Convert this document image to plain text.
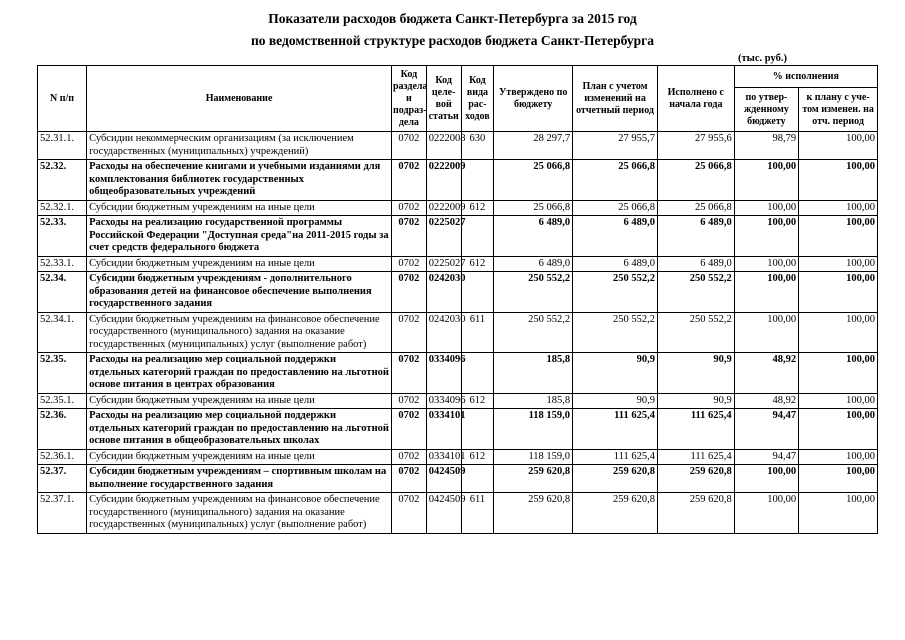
Показатели расходов бюджета Санкт-Петербурга за 2015 год
по ведомственной структуре расходов бюджета Санкт-Петербурга
(тыс. руб.)
N п/п	Наименование	Код раздела и подраз-дела	Код целе-вой статьи	Код вида рас-ходов	Утверждено по бюджету	План с учетом изменений на отчетный период	Исполнено с начала года	% исполнения	
								по утвер-жденному бюджету	к плану с уче-том изменен. на отч. период
52.31.1.	Субсидии некоммерческим организациям (за исключением государственных (муниципальных) учреждений)	0702	0222008	630	28 297,7	27 955,7	27 955,6	98,79	100,00
52.32.	Расходы на обеспечение книгами и учебными изданиями для комплектования библиотек государственных общеобразовательных учреждений	0702	0222009		25 066,8	25 066,8	25 066,8	100,00	100,00
52.32.1.	Субсидии бюджетным учреждениям на иные цели	0702	0222009	612	25 066,8	25 066,8	25 066,8	100,00	100,00
52.33.	Расходы на реализацию государственной программы Российской Федерации "Доступная среда"на 2011-2015 годы за счет средств федерального бюджета	0702	0225027		6 489,0	6 489,0	6 489,0	100,00	100,00
52.33.1.	Субсидии бюджетным учреждениям на иные цели	0702	0225027	612	6 489,0	6 489,0	6 489,0	100,00	100,00
52.34.	Субсидии бюджетным учреждениям - дополнительного образования детей на финансовое обеспечение выполнения государственного задания	0702	0242030		250 552,2	250 552,2	250 552,2	100,00	100,00
52.34.1.	Субсидии бюджетным учреждениям на финансовое обеспечение государственного (муниципального) задания на оказание государственных (муниципальных) услуг (выполнение работ)	0702	0242030	611	250 552,2	250 552,2	250 552,2	100,00	100,00
52.35.	Расходы на реализацию мер социальной поддержки отдельных категорий граждан по предоставлению на льготной основе питания в центрах образования	0702	0334096		185,8	90,9	90,9	48,92	100,00
52.35.1.	Субсидии бюджетным учреждениям на иные цели	0702	0334096	612	185,8	90,9	90,9	48,92	100,00
52.36.	Расходы на реализацию мер социальной поддержки отдельных категорий граждан по предоставлению на льготной основе питания в общеобразовательных школах	0702	0334101		118 159,0	111 625,4	111 625,4	94,47	100,00
52.36.1.	Субсидии бюджетным учреждениям на иные цели	0702	0334101	612	118 159,0	111 625,4	111 625,4	94,47	100,00
52.37.	Субсидии бюджетным учреждениям – спортивным школам на выполнение государственного задания	0702	0424509		259 620,8	259 620,8	259 620,8	100,00	100,00
52.37.1.	Субсидии бюджетным учреждениям на финансовое обеспечение государственного (муниципального) задания на оказание государственных (муниципальных) услуг (выполнение работ)	0702	0424509	611	259 620,8	259 620,8	259 620,8	100,00	100,00
